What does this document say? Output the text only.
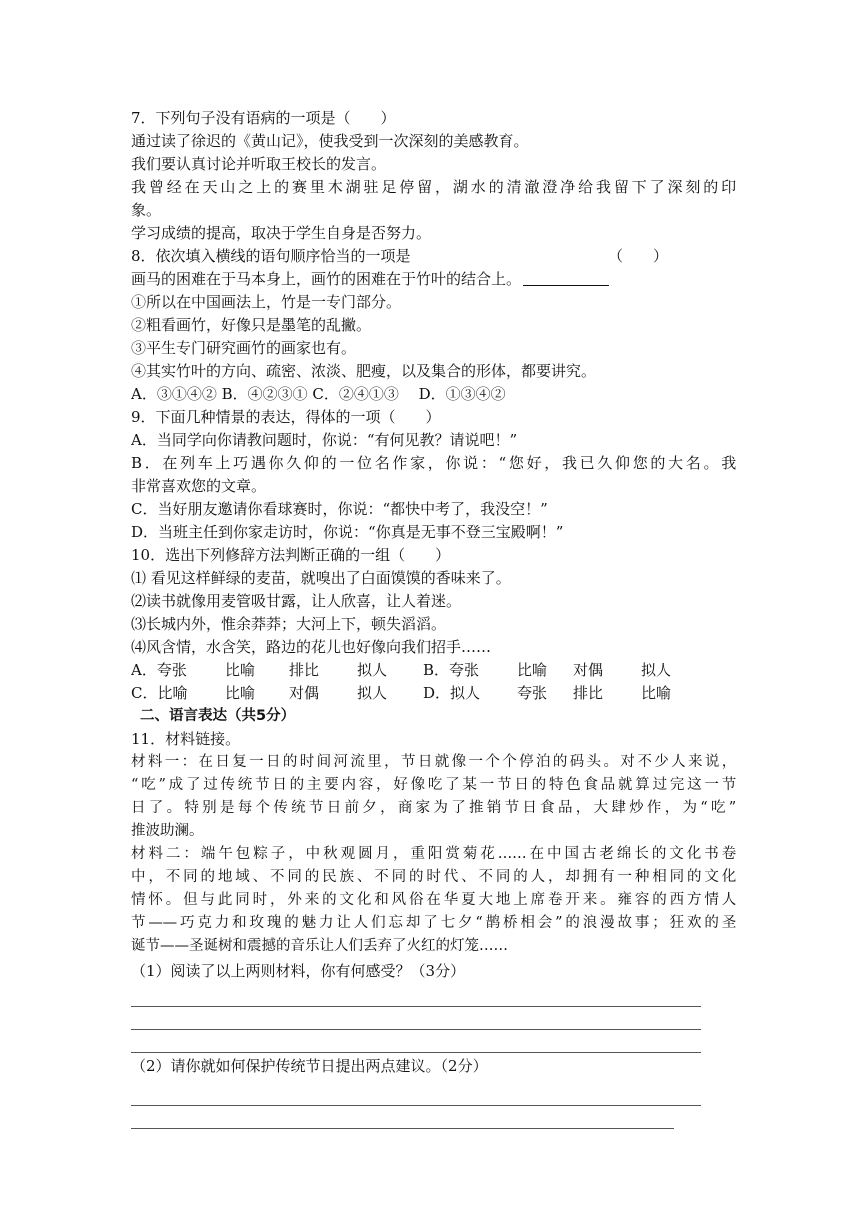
7．下列句子没有语病的一项是（　　）
通过读了徐迟的《黄山记》，使我受到一次深刻的美感教育。
我们要认真讨论并听取王校长的发言。
我曾经在天山之上的赛里木湖驻足停留，湖水的清澈澄净给我留下了深刻的印
象。
学习成绩的提高，取决于学生自身是否努力。
8．依次填入横线的语句顺序恰当的一项是	（　　）
画马的困难在于马本身上，画竹的困难在于竹叶的结合上。
①所以在中国画法上，竹是一专门部分。
②粗看画竹，好像只是墨笔的乱撇。
③平生专门研究画竹的画家也有。
④其实竹叶的方向、疏密、浓淡、肥瘦，以及集合的形体，都要讲究。
A．③①④② B．④②③① C．②④①③　 D．①③④②
9．下面几种情景的表达，得体的一项（　　）
A．当同学向你请教问题时，你说：“有何见教？请说吧！”
B．在列车上巧遇你久仰的一位名作家，你说：“您好，我已久仰您的大名。我
非常喜欢您的文章。
C．当好朋友邀请你看球赛时，你说：“都快中考了，我没空！”
D．当班主任到你家走访时，你说：“你真是无事不登三宝殿啊！”
10．选出下列修辞方法判断正确的一组（　　）
⑴ 看见这样鲜绿的麦苗，就嗅出了白面馍馍的香味来了。
⑵读书就像用麦管吸甘露，让人欣喜，让人着迷。
⑶长城内外，惟余莽莽；大河上下，顿失滔滔。
⑷风含情，水含笑，路边的花儿也好像向我们招手……
A．夸张	比喻	排比	拟人	B．夸张	比喻	对偶	拟人
C．比喻	比喻	对偶	拟人	D．拟人	夸张	排比	比喻
二、语言表达（共5分）
11．材料链接。
材料一：在日复一日的时间河流里，节日就像一个个停泊的码头。对不少人来说，
“吃”成了过传统节日的主要内容，好像吃了某一节日的特色食品就算过完这一节
日了。特别是每个传统节日前夕，商家为了推销节日食品，大肆炒作，为“吃”
推波助澜。
材料二：端午包粽子，中秋观圆月，重阳赏菊花……在中国古老绵长的文化书卷
中，不同的地域、不同的民族、不同的时代、不同的人，却拥有一种相同的文化
情怀。但与此同时，外来的文化和风俗在华夏大地上席卷开来。雍容的西方情人
节——巧克力和玫瑰的魅力让人们忘却了七夕“鹊桥相会”的浪漫故事；狂欢的圣
诞节——圣诞树和震撼的音乐让人们丢弃了火红的灯笼……
（1）阅读了以上两则材料，你有何感受？（3分）
（2）请你就如何保护传统节日提出两点建议。（2分）
